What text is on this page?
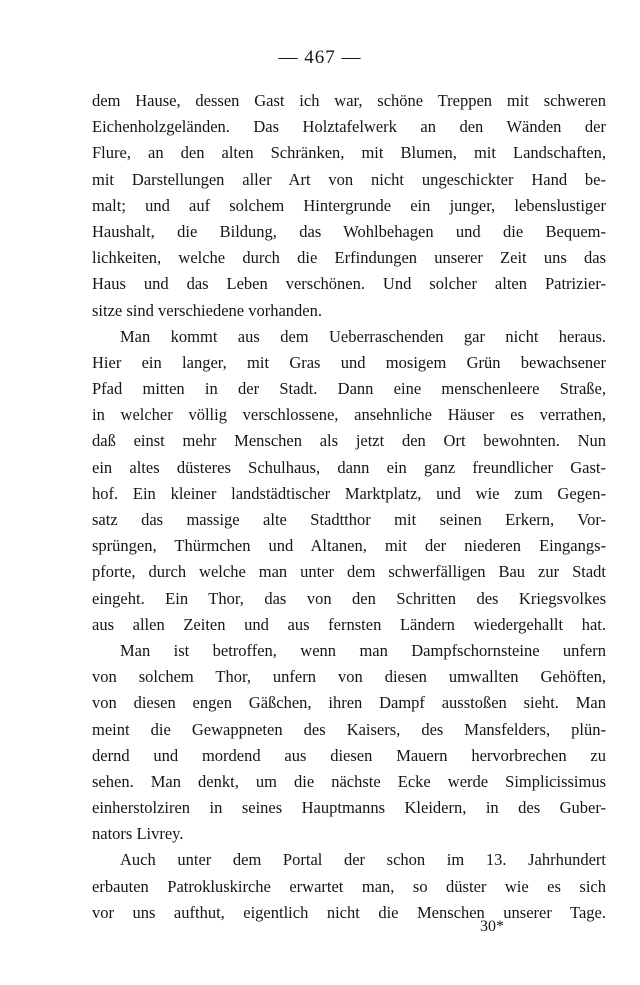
— 467 —
dem Hause, dessen Gast ich war, schöne Treppen mit schweren
Eichenholzgeländen. Das Holztafelwerk an den Wänden der
Flure, an den alten Schränken, mit Blumen, mit Landschaften,
mit Darstellungen aller Art von nicht ungeschickter Hand be-
malt; und auf solchem Hintergrunde ein junger, lebenslustiger
Haushalt, die Bildung, das Wohlbehagen und die Bequem-
lichkeiten, welche durch die Erfindungen unserer Zeit uns das
Haus und das Leben verschönen. Und solcher alten Patrizier-
sitze sind verschiedene vorhanden.
Man kommt aus dem Ueberraschenden gar nicht heraus.
Hier ein langer, mit Gras und mosigem Grün bewachsener
Pfad mitten in der Stadt. Dann eine menschenleere Straße,
in welcher völlig verschlossene, ansehnliche Häuser es verrathen,
daß einst mehr Menschen als jetzt den Ort bewohnten. Nun
ein altes düsteres Schulhaus, dann ein ganz freundlicher Gast-
hof. Ein kleiner landstädtischer Marktplatz, und wie zum Gegen-
satz das massige alte Stadtthor mit seinen Erkern, Vor-
sprüngen, Thürmchen und Altanen, mit der niederen Eingangs-
pforte, durch welche man unter dem schwerfälligen Bau zur Stadt
eingeht. Ein Thor, das von den Schritten des Kriegsvolkes
aus allen Zeiten und aus fernsten Ländern wiedergehallt hat.
Man ist betroffen, wenn man Dampfschornsteine unfern
von solchem Thor, unfern von diesen umwallten Gehöften,
von diesen engen Gäßchen, ihren Dampf ausstoßen sieht. Man
meint die Gewappneten des Kaisers, des Mansfelders, plün-
dernd und mordend aus diesen Mauern hervorbrechen zu
sehen. Man denkt, um die nächste Ecke werde Simplicissimus
einherstolziren in seines Hauptmanns Kleidern, in des Guber-
nators Livrey.
Auch unter dem Portal der schon im 13. Jahrhundert
erbauten Patrokluskirche erwartet man, so düster wie es sich
vor uns aufthut, eigentlich nicht die Menschen unserer Tage.
30*
